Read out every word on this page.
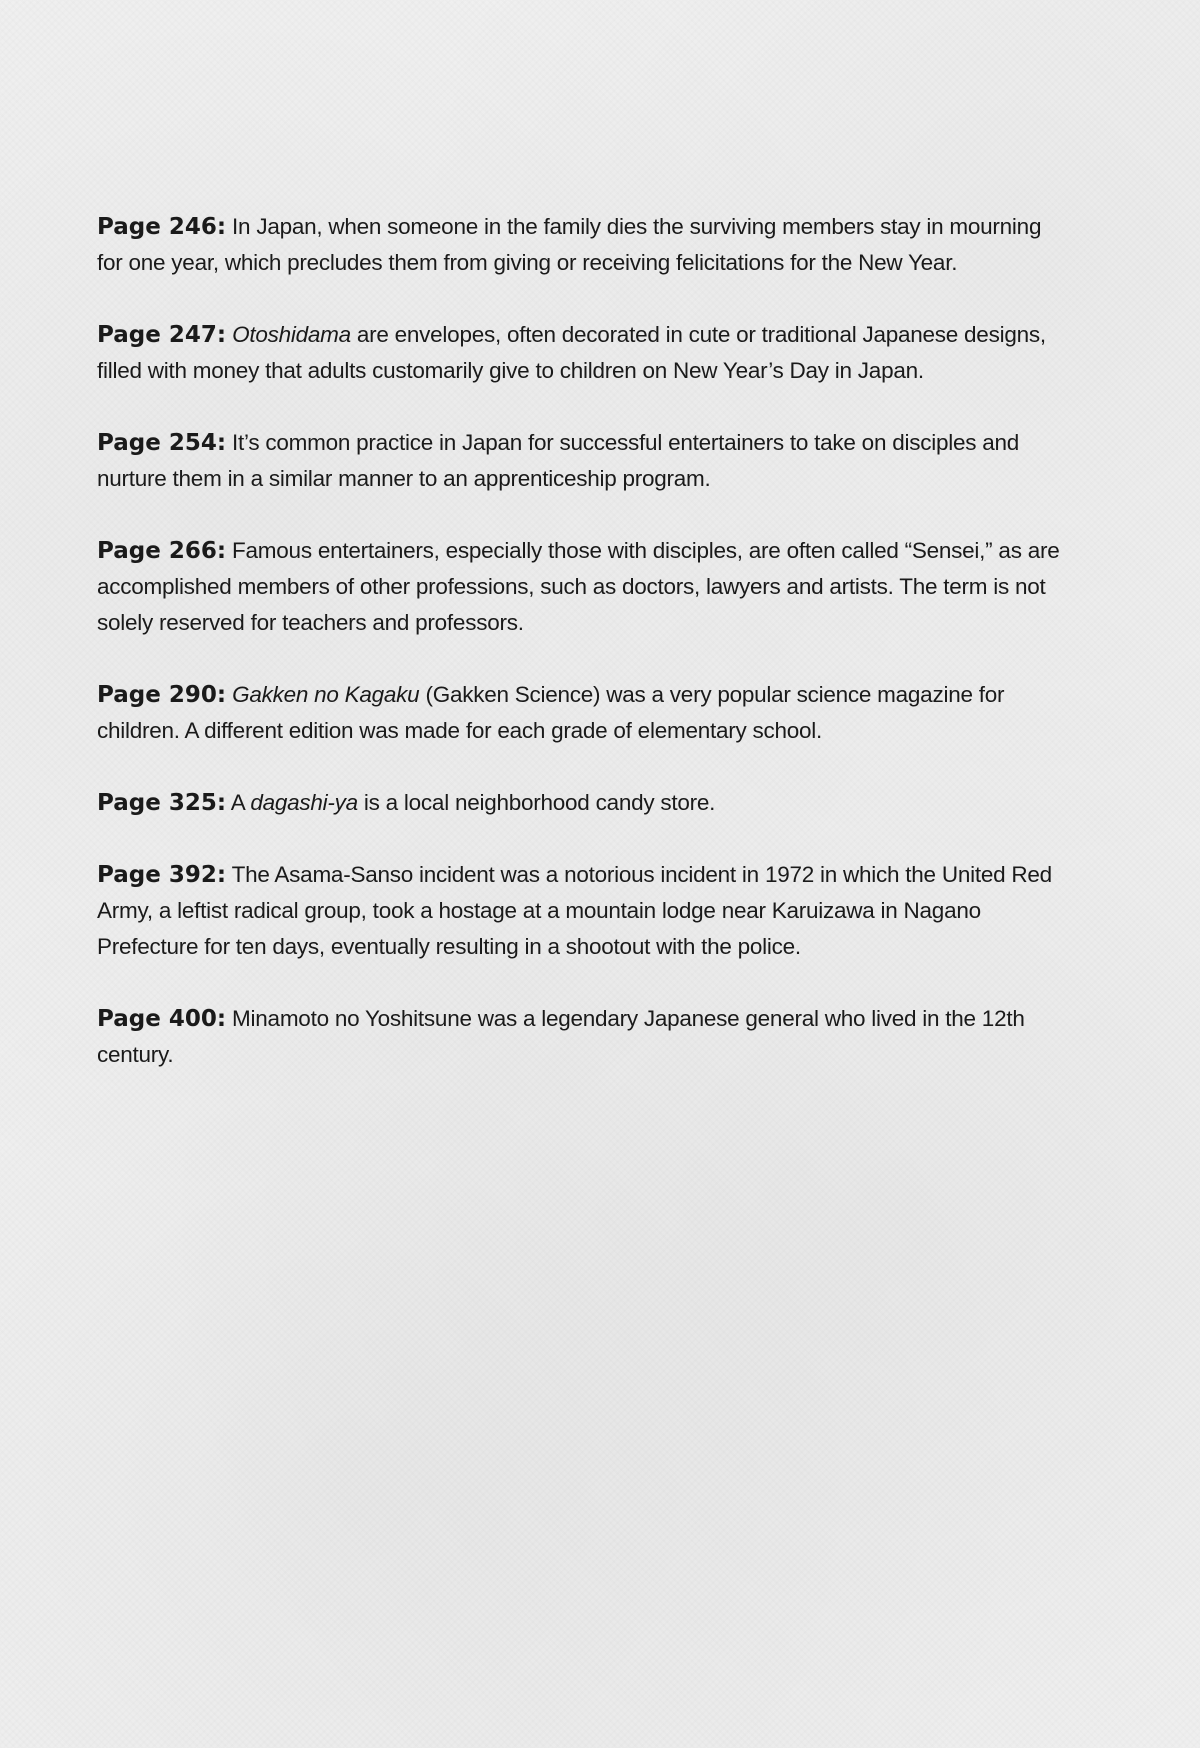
Page 246: In Japan, when someone in the family dies the surviving members stay in mourning for one year, which precludes them from giving or receiving felicitations for the New Year.

Page 247: Otoshidama are envelopes, often decorated in cute or traditional Japanese designs, filled with money that adults customarily give to children on New Year’s Day in Japan.

Page 254: It’s common practice in Japan for successful entertainers to take on disciples and nurture them in a similar manner to an apprenticeship program.

Page 266: Famous entertainers, especially those with disciples, are often called “Sensei,” as are accomplished members of other professions, such as doctors, lawyers and artists. The term is not solely reserved for teachers and professors.

Page 290: Gakken no Kagaku (Gakken Science) was a very popular science magazine for children. A different edition was made for each grade of elementary school.

Page 325: A dagashi-ya is a local neighborhood candy store.

Page 392: The Asama-Sanso incident was a notorious incident in 1972 in which the United Red Army, a leftist radical group, took a hostage at a mountain lodge near Karuizawa in Nagano Prefecture for ten days, eventually resulting in a shootout with the police.

Page 400: Minamoto no Yoshitsune was a legendary Japanese general who lived in the 12th century.
